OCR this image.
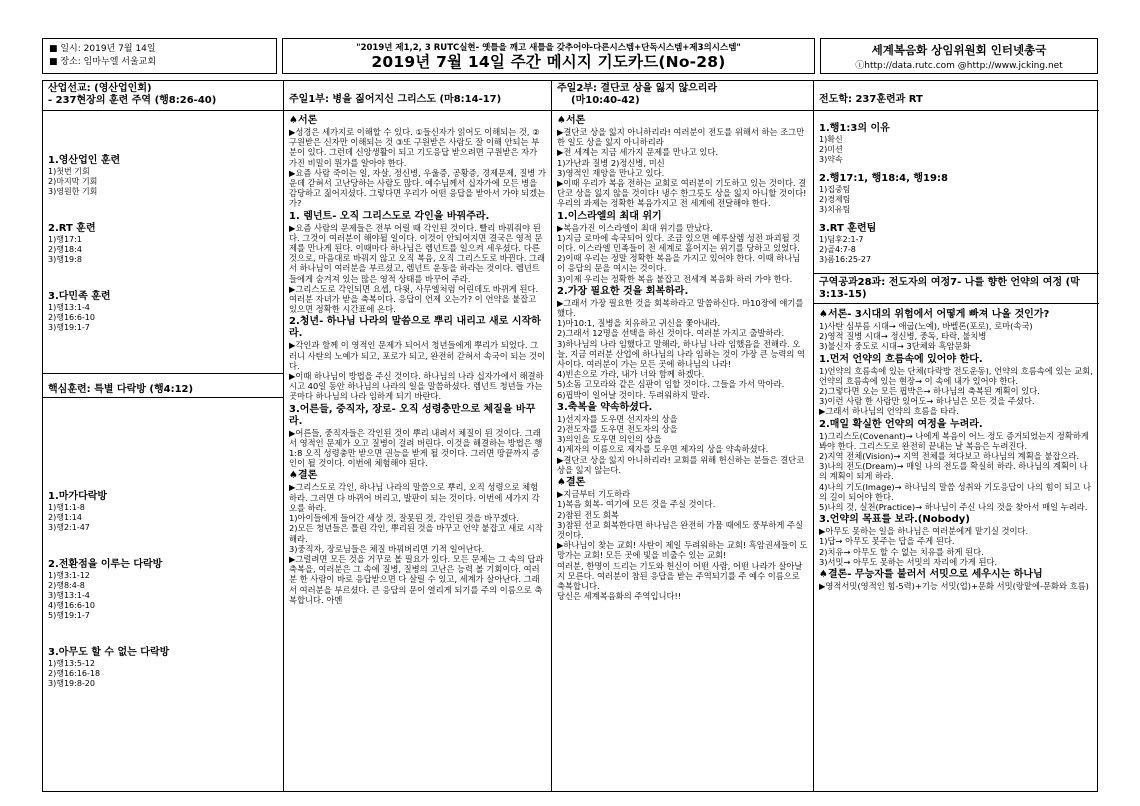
■ 일시: 2019년 7월 14일
■ 장소: 임마누엘 서울교회
"2019년 제1,2, 3 RUTC실현- 옛틀을 깨고 새틀을 갖추어야-다른시스템+단독시스템+제3의시스템"
2019년 7월 14일 주간 메시지 기도카드(No-28)
세계복음화 상임위원회 인터넷총국
ⓘhttp://data.rutc.com @http://www.jcking.net
산업선교: (영산업인회)
- 237현장의 훈련 주역 (행8:26-40)

1.영산업인 훈련

1)첫번 기회

2)마지막 기회

3)영원한 기회

2.RT 훈련

1)행17:1

2)행18:4

3)행19:8

3.다민족 훈련

1)행13:1-4

2)행16:6-10

3)행19:1-7

핵심훈련: 특별 다락방 (행4:12)

1.마가다락방

1)행1:1-8

2)행1:14

3)행2:1-47

2.전환점을 이루는 다락방

1)행3:1-12

2)행8:4-8

3)행13:1-4

4)행16:6-10

5)행19:1-7

3.아무도 할 수 없는 다락방

1)행13:5-12

2)행16:16-18

3)행19:8-20

주일1부: 병을 짊어지신 그리스도 (마8:14-17)

♠서론

▶성경은 세가지로 이해할 수 있다. ①들신자가 읽어도 이해되는 것, ②구원받은 신자만 이해되는 것 ③또 구원받은 사람도 잘 이해 안되는 부분이 있다. 그런데 신앙생활이 되고 기도응답 받으려면 구원받은 자가 가진 비밀이 뭔가를 알아야 한다.

▶요즘 사람 죽이는 일, 자살, 정신병, 우울증, 공황증, 경제문제, 질병 가운데 갇혀서 고난당하는 사람도 많다. 예수님께서 십자가에 모든 병을 감당하고 짊어지셨다. 그렇다면 우리가 어떤 응답을 받아서 가야 되겠는가?

1. 렘넌트- 오직 그리스도로 각인을 바꿔주라.

▶요즘 사람의 문제들은 전부 어릴 때 각인된 것이다. 빨리 바꿔줘야 된다. 그것이 여러분이 해야될 일이다. 이것이 안되어지면 결국은 영적 문제를 만나게 된다. 이때마다 하나님은 렘넌트를 일으켜 세우셨다. 다른 것으로, 마음대로 바꿔지 않고 오직 복음, 오직 그리스도로 바뀐다. 그래서 하나님이 여러분을 부르셨고, 렘넌트 운동을 하라는 것이다. 렘넌트들에게 숨겨져 있는 많은 영적 상태를 바꾸어 주라.

▶그리스도로 각인되면 요셉, 다윗, 사무엘처럼 어린데도 바뀌게 된다. 여러분 자녀가 받을 축복이다. 응답이 언제 오는가? 이 언약을 붙잡고 있으면 정확한 시간표에 온다.

2.청년- 하나님 나라의 말씀으로 뿌리 내리고 새로 시작하라.

▶각인과 함께 이 영적인 문제가 되어서 청년들에게 뿌리가 되었다. 그러니 사탄의 노예가 되고, 포로가 되고, 완전히 갇혀서 속국이 되는 것이다.

▶이때 하나님이 방법을 주신 것이다. 하나님의 나라 십자가에서 해결하시고 40일 동안 하나님의 나라의 일을 말씀하셨다. 렘넌트 청년들 가는 곳마다 하나님의 나라 임하게 되기 바란다.

3.어른들, 중직자, 장로- 오직 성령충만으로 체질을 바꾸라.

▶어른들, 중직자들은 각인된 것이 뿌리 내려서 체질이 된 것이다. 그래서 영적인 문제가 오고 질병이 걸려 버린다. 이것을 해결하는 방법은 행1:8 오직 성령충만 받으면 권능을 받게 될 것이다. 그러면 땅끝까지 증인이 될 것이다. 이번에 체험해야 된다.

♠결론

▶그리스도로 각인, 하나님 나라의 말씀으로 뿌리, 오직 성령으로 체험하라. 그러면 다 바뀌어 버리고, 발판이 되는 것이다. 이번에 세가지 각오를 하라.

1)아이들에게 들어간 세상 것, 잘못된 것, 각인된 것을 바꾸겠다.

2)모든 청년들은 틀린 각인, 뿌리된 것을 바꾸고 언약 붙잡고 새로 시작해라.

3)중직자, 장로님들은 체질 바꿔버리면 기적 일어난다.

▶그럴려면 모든 것을 거꾸로 볼 필요가 있다. 모든 문제는 그 속의 답과 축복을, 여러분은 그 속에 질병, 질병의 고난은 능력 볼 기회이다. 여러분 한 사람이 바로 응답받으면 다 살릴 수 있고, 세계가 살아난다. 그래서 여러분을 부르셨다. 큰 응답의 문이 열리게 되기를 주의 이름으로 축복합니다. 아멘

주일2부: 결단코 상을 잃지 않으리라
(마10:40-42)

♠서론

▶결단코 상을 잃지 아니하리라! 여러분이 전도를 위해서 하는 조그만한 일도 상을 잃지 아니하리라

▶전 세계는 지금 세가지 문제를 만나고 있다.

1)가난과 질병 2)정신병, 미신

3)영적인 재앙을 만나고 있다.

▶이때 우리가 복음 전하는 교회로 여러분이 기도하고 있는 것이다. 결단코 상을 잃지 않을 것이다! 냉수 한그릇도 상을 잃지 아니할 것이다! 우리의 과제는 정확한 복음가지고 전 세계에 전달해야 한다.

1.이스라엘의 최대 위기

▶복음가진 이스라엘이 최대 위기를 만났다.

1)지금 로마에 속국되어 있다. 조금 있으면 예루살렘 성전 파괴될 것이다. 이스라엘 민족들이 전 세계로 흩어지는 위기를 당하고 있었다.

2)이때 우리는 정말 정확한 복음을 가지고 있어야 한다. 이때 하나님이 응답의 문을 여시는 것이다.

3)이제 우리는 정확한 복음 붙잡고 전세계 복음화 하러 가야 한다.

2.가장 필요한 것을 회복하라.

▶그래서 가장 필요한 것을 회복하라고 말씀하신다. 마10장에 얘기를 했다.

1)마10:1, 질병을 치유하고 귀신을 쫓아내라.

2)그래서 12명을 선택을 하신 것이다. 여러분 가지고 출발하라.

3)하나님의 나라 임했다고 말해라, 하나님 나라 임했음을 전해라. 오늘, 지금 여러분 산업에 하나님의 나라 임하는 것이 가장 큰 능력의 역사이다. 여러분이 가는 모든 곳에 하나님의 나라!

4)빈손으로 가라, 내가 너와 함께 하겠다.

5)소돔 고모라와 같은 심판이 임할 것이다. 그들을 가서 막아라.

6)핍박이 일어날 것이다. 두려워하지 말라.

3.축복을 약속하셨다.

1)선지자를 도우면 선지자의 상을

2)전도자를 도우면 전도자의 상을

3)의인을 도우면 의인의 상을

4)제자의 이름으로 제자를 도우면 제자의 상을 약속하셨다.

▶결단코 상을 잃지 아니하리라! 교회를 위해 헌신하는 분들은 결단코 상을 잃지 않는다.

♠결론

▶지금부터 기도하라

1)복음 회복- 여기에 모든 것을 주실 것이다.

2)참된 전도 회복

3)참된 선교 회복한다면 하나님은 완전히 가뭄 때에도 풍부하게 주실 것이다.

▶하나님이 찾는 교회! 사탄이 제일 두려워하는 교회! 흑암권세들이 도망가는 교회! 모든 곳에 빛을 비출수 있는 교회!

여러분, 한명이 드리는 기도와 헌신이 어떤 사람, 어떤 나라가 살아날지 모른다. 여러분이 참된 응답을 받는 주역되기를 주 예수 이름으로 축복합니다.

당신은 세계복음화의 주역입니다!!

전도학: 237훈련과 RT

1.행1:3의 이유

1)확신

2)미션

3)약속

2.행17:1, 행18:4, 행19:8

1)집중팀

2)경제팀

3)치유팀

3.RT 훈련팀

1)딤후2:1-7

2)골4:7-8

3)롬16:25-27

구역공과28과: 전도자의 여정7- 나를 향한 언약의 여정 (막3:13-15)

♠서론- 3시대의 위험에서 어떻게 빠져 나올 것인가?

1)사탄 심부름 시대→ 애굽(노예), 바벨론(포로), 로마(속국)

2)영적 질병 시대→ 정신병, 중독, 타락, 불치병

3)불신자 중도로 시대→ 3단체와 흑암문화

1.먼저 언약의 흐름속에 있어야 한다.

1)언약의 흐름속에 있는 단체(다락방 전도운동), 언약의 흐름속에 있는 교회, 언약의 흐름속에 있는 현장→ 이 속에 내가 있어야 한다.

2)그렇다면 오는 모든 핍박은→ 하나님의 축복된 계획이 있다.

3)이런 사람 한 사람만 있어도→ 하나님은 모든 것을 주셨다.

▶그래서 하나님의 언약의 흐름을 타라.

2.매일 확실한 언약의 여정을 누려라.

1)그리스도(Covenant)→ 나에게 복음이 어느 정도 증거되었는지 정확하게 봐야 한다. 그리스도로 완전히 끝내는 날 복음은 누려진다.

2)지역 전체(Vision)→ 지역 전체를 쳐다보고 하나님의 계획을 붙잡으라.

3)나의 전도(Dream)→ 매일 나의 전도를 확실히 하라. 하나님의 계획이 나의 계획이 되게 하라.

4)나의 기도(Image)→ 하나님의 말씀 성취와 기도응답이 나의 힘이 되고 나의 길이 되어야 한다.

5)나의 것, 실천(Practice)→ 하나님이 주신 나의 것을 찾아서 매일 누려라.

3.언약의 목표를 보라.(Nobody)

▶아무도 못하는 일을 하나님은 여러분에게 맡기실 것이다.

1)답→ 아무도 못주는 답을 주게 된다.

2)치유→ 아무도 할 수 없는 치유를 하게 된다.

3)서밋→ 아무도 못하는 서밋의 자리에 가게 된다.

♠결론- 무능자를 불러서 서밋으로 세우시는 하나님

▶영적서밋(영적인 힘-5력)+기능 서밋(업)+문화 서밋(랑맡에-문화와 흐름)
